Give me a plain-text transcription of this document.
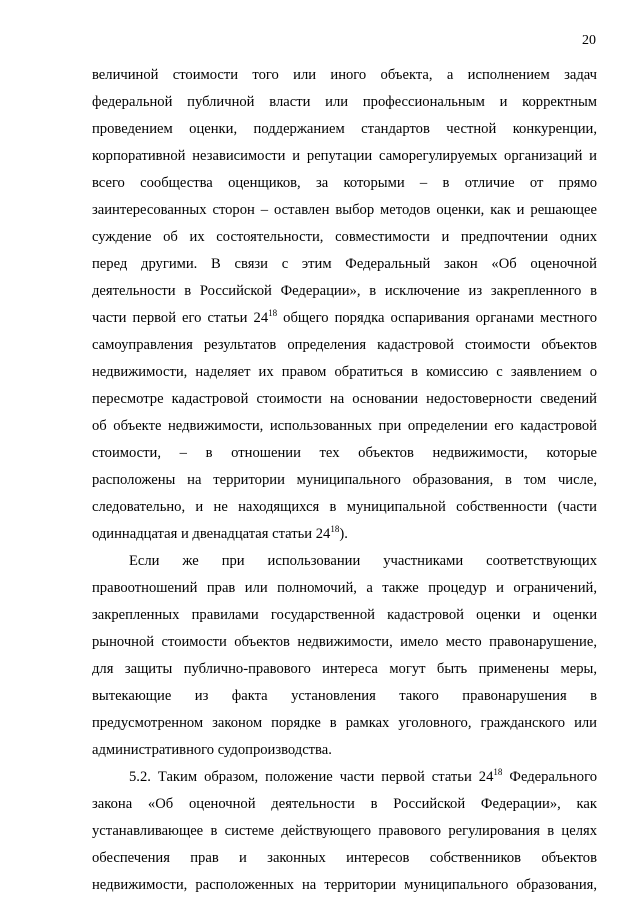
20
величиной стоимости того или иного объекта, а исполнением задач
федеральной публичной власти или профессиональным и корректным
проведением оценки, поддержанием стандартов честной конкуренции,
корпоративной независимости и репутации саморегулируемых организаций и
всего сообщества оценщиков, за которыми – в отличие от прямо
заинтересованных сторон – оставлен выбор методов оценки, как и решающее
суждение об их состоятельности, совместимости и предпочтении одних
перед другими. В связи с этим Федеральный закон «Об оценочной
деятельности в Российской Федерации», в исключение из закрепленного в
части первой его статьи $24^{18}$ общего порядка оспаривания органами местного
самоуправления результатов определения кадастровой стоимости объектов
недвижимости, наделяет их правом обратиться в комиссию с заявлением о
пересмотре кадастровой стоимости на основании недостоверности сведений
об объекте недвижимости, использованных при определении его кадастровой
стоимости, – в отношении тех объектов недвижимости, которые
расположены на территории муниципального образования, в том числе,
следовательно, и не находящихся в муниципальной собственности (части
одиннадцатая и двенадцатая статьи $24^{18}$).
Если же при использовании участниками соответствующих
правоотношений прав или полномочий, а также процедур и ограничений,
закрепленных правилами государственной кадастровой оценки и оценки
рыночной стоимости объектов недвижимости, имело место правонарушение,
для защиты публично-правового интереса могут быть применены меры,
вытекающие из факта установления такого правонарушения в
предусмотренном законом порядке в рамках уголовного, гражданского или
административного судопроизводства.
5.2. Таким образом, положение части первой статьи $24^{18}$ Федерального
закона «Об оценочной деятельности в Российской Федерации», как
устанавливающее в системе действующего правового регулирования в целях
обеспечения прав и законных интересов собственников объектов
недвижимости, расположенных на территории муниципального образования,
